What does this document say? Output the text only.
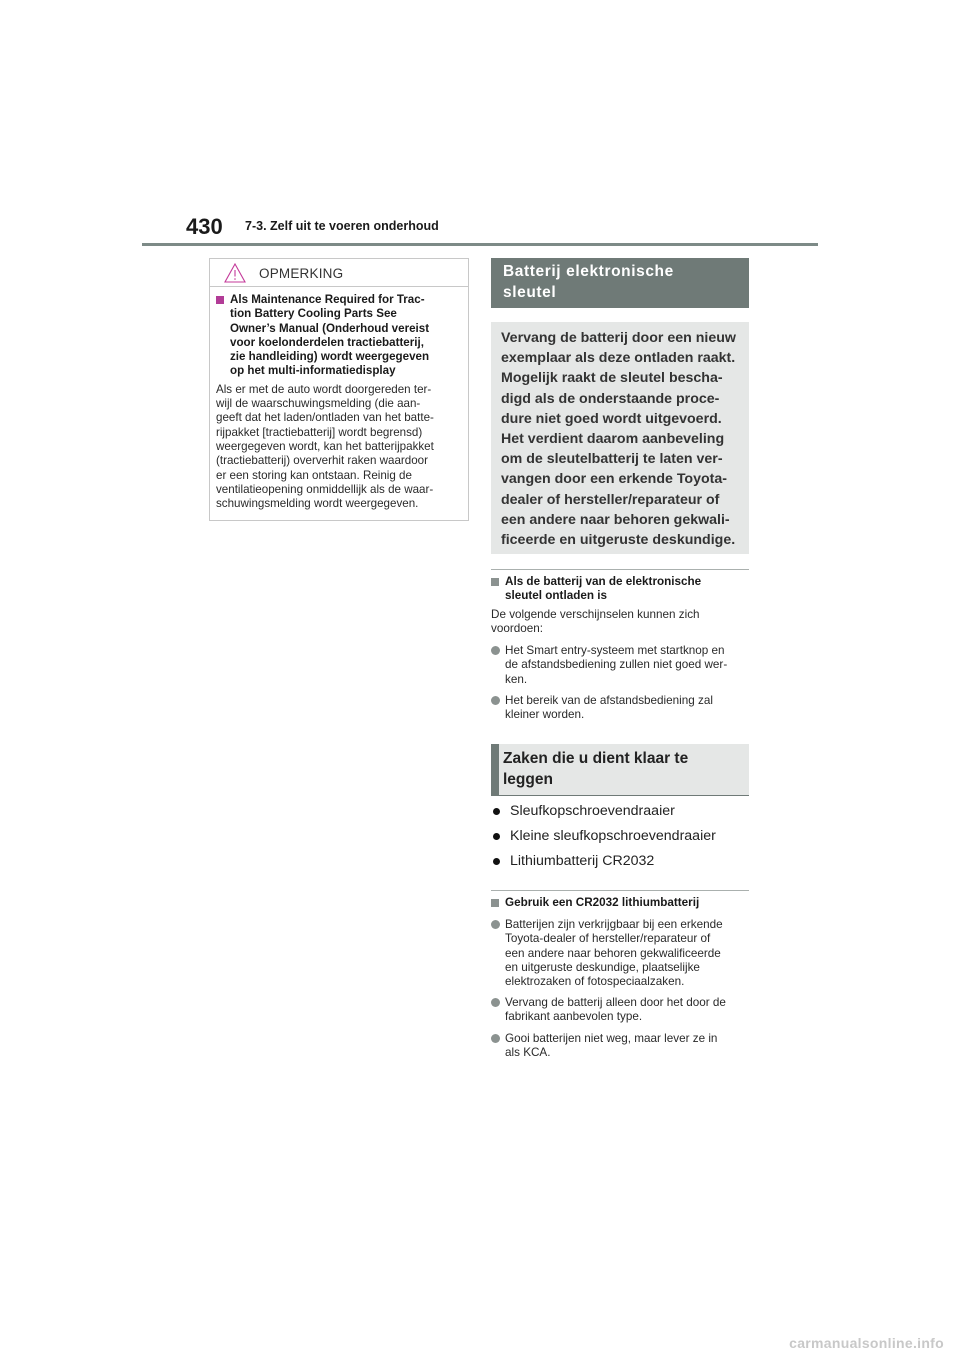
430 7-3. Zelf uit te voeren onderhoud
OPMERKING
Als Maintenance Required for Trac-
tion Battery Cooling Parts See
Owner’s Manual (Onderhoud vereist
voor koelonderdelen tractiebatterij,
zie handleiding) wordt weergegeven
op het multi-informatiedisplay
Als er met de auto wordt doorgereden ter-
wijl de waarschuwingsmelding (die aan-
geeft dat het laden/ontladen van het batte-
rijpakket [tractiebatterij] wordt begrensd)
weergegeven wordt, kan het batterijpakket
(tractiebatterij) oververhit raken waardoor
er een storing kan ontstaan. Reinig de
ventilatieopening onmiddellijk als de waar-
schuwingsmelding wordt weergegeven.
Batterij elektronische
sleutel
Vervang de batterij door een nieuw
exemplaar als deze ontladen raakt.
Mogelijk raakt de sleutel bescha-
digd als de onderstaande proce-
dure niet goed wordt uitgevoerd.
Het verdient daarom aanbeveling
om de sleutelbatterij te laten ver-
vangen door een erkende Toyota-
dealer of hersteller/reparateur of
een andere naar behoren gekwali-
ficeerde en uitgeruste deskundige.
Als de batterij van de elektronische
sleutel ontladen is
De volgende verschijnselen kunnen zich
voordoen:
Het Smart entry-systeem met startknop en
de afstandsbediening zullen niet goed wer-
ken.
Het bereik van de afstandsbediening zal
kleiner worden.
Zaken die u dient klaar te
leggen
Sleufkopschroevendraaier
Kleine sleufkopschroevendraaier
Lithiumbatterij CR2032
Gebruik een CR2032 lithiumbatterij
Batterijen zijn verkrijgbaar bij een erkende
Toyota-dealer of hersteller/reparateur of
een andere naar behoren gekwalificeerde
en uitgeruste deskundige, plaatselijke
elektrozaken of fotospeciaalzaken.
Vervang de batterij alleen door het door de
fabrikant aanbevolen type.
Gooi batterijen niet weg, maar lever ze in
als KCA.
carmanualsonline.info
